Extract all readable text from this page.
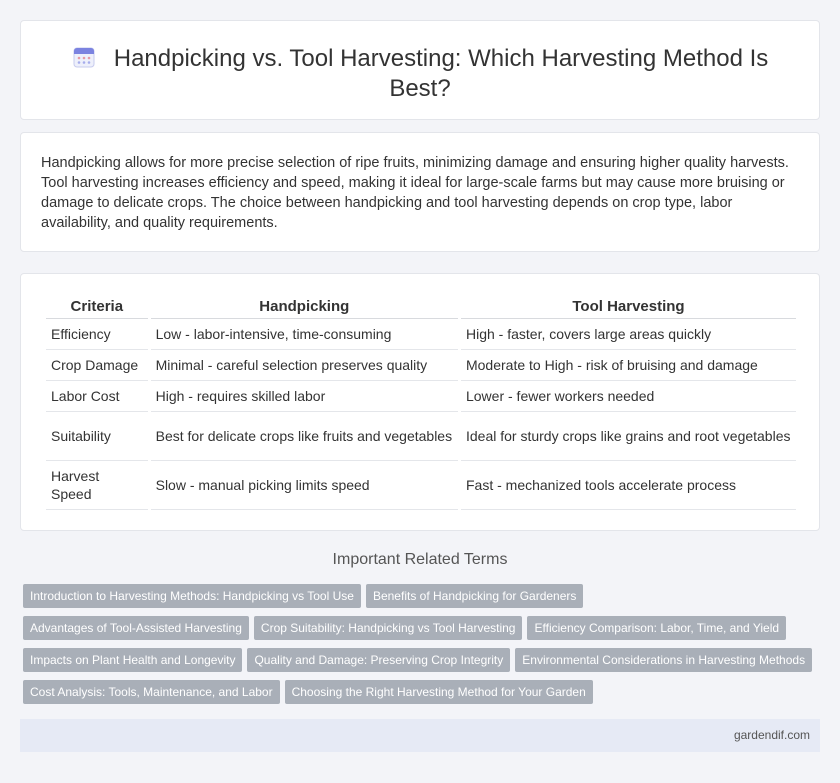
Handpicking vs. Tool Harvesting: Which Harvesting Method Is Best?
Handpicking allows for more precise selection of ripe fruits, minimizing damage and ensuring higher quality harvests. Tool harvesting increases efficiency and speed, making it ideal for large-scale farms but may cause more bruising or damage to delicate crops. The choice between handpicking and tool harvesting depends on crop type, labor availability, and quality requirements.
Criteria	Handpicking	Tool Harvesting
Efficiency	Low - labor-intensive, time-consuming	High - faster, covers large areas quickly
Crop Damage	Minimal - careful selection preserves quality	Moderate to High - risk of bruising and damage
Labor Cost	High - requires skilled labor	Lower - fewer workers needed
Suitability	Best for delicate crops like fruits and vegetables	Ideal for sturdy crops like grains and root vegetables
Harvest Speed	Slow - manual picking limits speed	Fast - mechanized tools accelerate process
Important Related Terms
Introduction to Harvesting Methods: Handpicking vs Tool Use Benefits of Handpicking for Gardeners
Advantages of Tool-Assisted Harvesting Crop Suitability: Handpicking vs Tool Harvesting Efficiency Comparison: Labor, Time, and Yield
Impacts on Plant Health and Longevity Quality and Damage: Preserving Crop Integrity Environmental Considerations in Harvesting Methods
Cost Analysis: Tools, Maintenance, and Labor Choosing the Right Harvesting Method for Your Garden
gardendif.com
